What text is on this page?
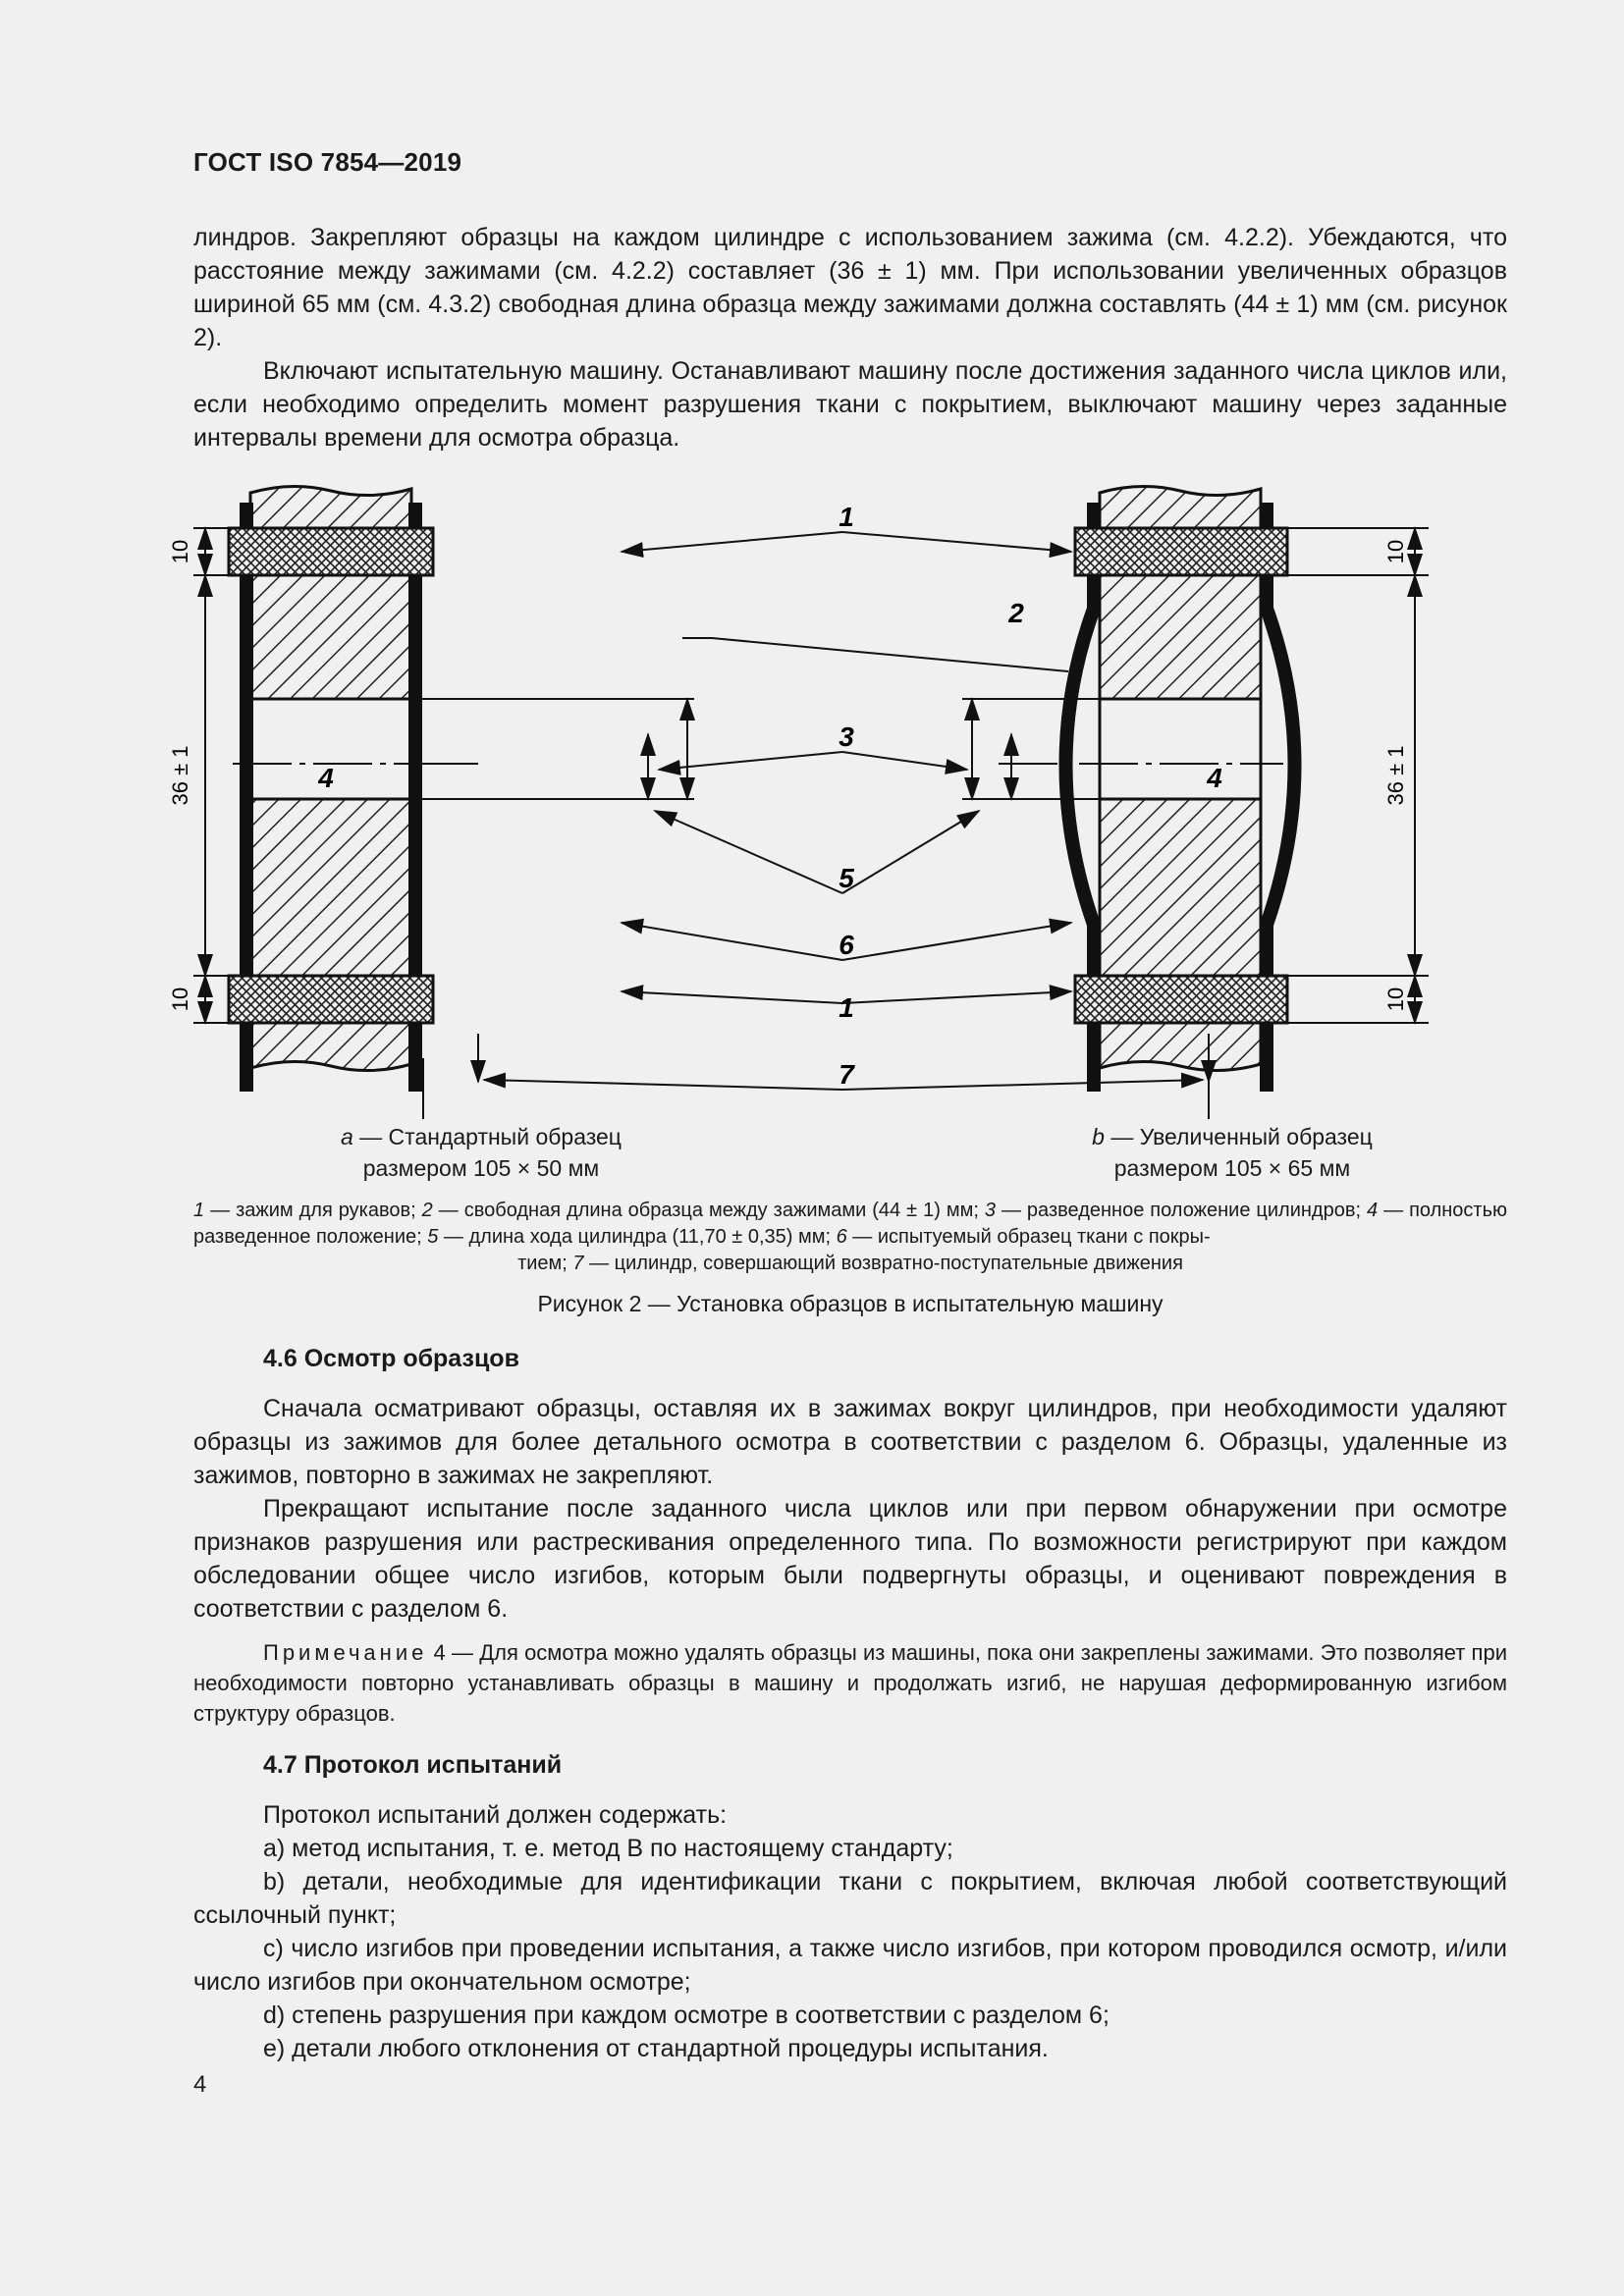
ГОСТ ISO 7854—2019

линдров. Закрепляют образцы на каждом цилиндре с использованием зажима (см. 4.2.2). Убеждаются, что расстояние между зажимами (см. 4.2.2) составляет (36 ± 1) мм. При использовании увеличенных образцов шириной 65 мм (см. 4.3.2) свободная длина образца между зажимами должна составлять (44 ± 1) мм (см. рисунок 2).

Включают испытательную машину. Останавливают машину после достижения заданного числа циклов или, если необходимо определить момент разрушения ткани с покрытием, выключают машину через заданные интервалы времени для осмотра образца.

4
10
36 ± 1
10
4
10
36 ± 1
10
1
2
3
5
6
1
7
a — Стандартный образец
размером 105 × 50 мм
b — Увеличенный образец
размером 105 × 65 мм
1 — зажим для рукавов; 2 — свободная длина образца между зажимами (44 ± 1) мм; 3 — разведенное положение цилиндров; 4 — полностью разведенное положение; 5 — длина хода цилиндра (11,70 ± 0,35) мм; 6 — испытуемый образец ткани с покры-
тием; 7 — цилиндр, совершающий возвратно-поступательные движения
Рисунок 2 — Установка образцов в испытательную машину
4.6 Осмотр образцов

Сначала осматривают образцы, оставляя их в зажимах вокруг цилиндров, при необходимости удаляют образцы из зажимов для более детального осмотра в соответствии с разделом 6. Образцы, удаленные из зажимов, повторно в зажимах не закрепляют.

Прекращают испытание после заданного числа циклов или при первом обнаружении при осмотре признаков разрушения или растрескивания определенного типа. По возможности регистрируют при каждом обследовании общее число изгибов, которым были подвергнуты образцы, и оценивают повреждения в соответствии с разделом 6.

Примечание 4 — Для осмотра можно удалять образцы из машины, пока они закреплены зажимами. Это позволяет при необходимости повторно устанавливать образцы в машину и продолжать изгиб, не нарушая деформированную изгибом структуру образцов.
4.7 Протокол испытаний

Протокол испытаний должен содержать:

a) метод испытания, т. е. метод В по настоящему стандарту;

b) детали, необходимые для идентификации ткани с покрытием, включая любой соответствующий ссылочный пункт;

c) число изгибов при проведении испытания, а также число изгибов, при котором проводился осмотр, и/или число изгибов при окончательном осмотре;

d) степень разрушения при каждом осмотре в соответствии с разделом 6;

e) детали любого отклонения от стандартной процедуры испытания.

4
